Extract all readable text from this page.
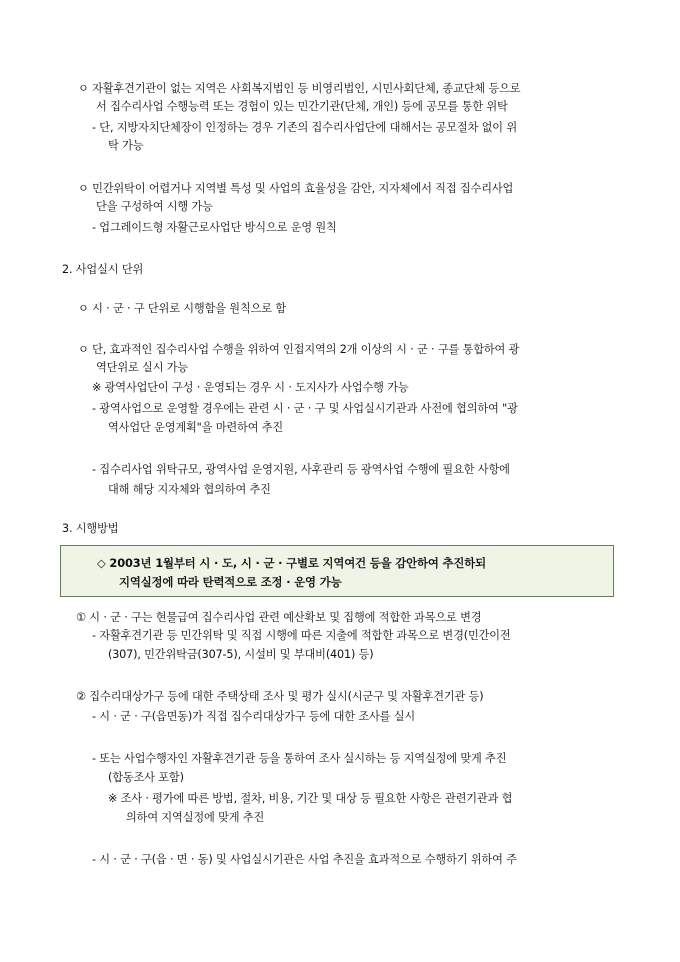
ㅇ 자활후견기관이 없는 지역은 사회복지법인 등 비영리법인, 시민사회단체, 종교단체 등으로
서 집수리사업 수행능력 또는 경험이 있는 민간기관(단체, 개인) 등에 공모를 통한 위탁
- 단, 지방자치단체장이 인정하는 경우 기존의 집수리사업단에 대해서는 공모절차 없이 위
탁 가능
ㅇ 민간위탁이 어렵거나 지역별 특성 및 사업의 효율성을 감안, 지자체에서 직접 집수리사업
단을 구성하여 시행 가능
- 업그레이드형 자활근로사업단 방식으로 운영 원칙
2. 사업실시 단위
ㅇ 시 · 군 · 구 단위로 시행함을 원칙으로 함
ㅇ 단, 효과적인 집수리사업 수행을 위하여 인접지역의 2개 이상의 시 · 군 · 구를 통합하여 광
역단위로 실시 가능
※ 광역사업단이 구성 · 운영되는 경우 시 · 도지사가 사업수행 가능
- 광역사업으로 운영할 경우에는 관련 시 · 군 · 구 및 사업실시기관과 사전에 협의하여 "광
역사업단 운영계획"을 마련하여 추진
- 집수리사업 위탁규모, 광역사업 운영지원, 사후관리 등 광역사업 수행에 필요한 사항에
대해 해당 지자체와 협의하여 추진
3. 시행방법
◇ 2003년 1월부터 시 · 도, 시 · 군 · 구별로 지역여건 등을 감안하여 추진하되
지역실정에 따라 탄력적으로 조정 · 운영 가능
① 시 · 군 · 구는 현물급여 집수리사업 관련 예산확보 및 집행에 적합한 과목으로 변경
- 자활후견기관 등 민간위탁 및 직접 시행에 따른 지출에 적합한 과목으로 변경(민간이전
(307), 민간위탁금(307-5), 시설비 및 부대비(401) 등)
② 집수리대상가구 등에 대한 주택상태 조사 및 평가 실시(시군구 및 자활후견기관 등)
- 시 · 군 · 구(읍면동)가 직접 집수리대상가구 등에 대한 조사를 실시
- 또는 사업수행자인 자활후견기관 등을 통하여 조사 실시하는 등 지역실정에 맞게 추진
(합동조사 포함)
※ 조사 · 평가에 따른 방법, 절차, 비용, 기간 및 대상 등 필요한 사항은 관련기관과 협
의하여 지역실정에 맞게 추진
- 시 · 군 · 구(읍 · 면 · 동) 및 사업실시기관은 사업 추진을 효과적으로 수행하기 위하여 주
